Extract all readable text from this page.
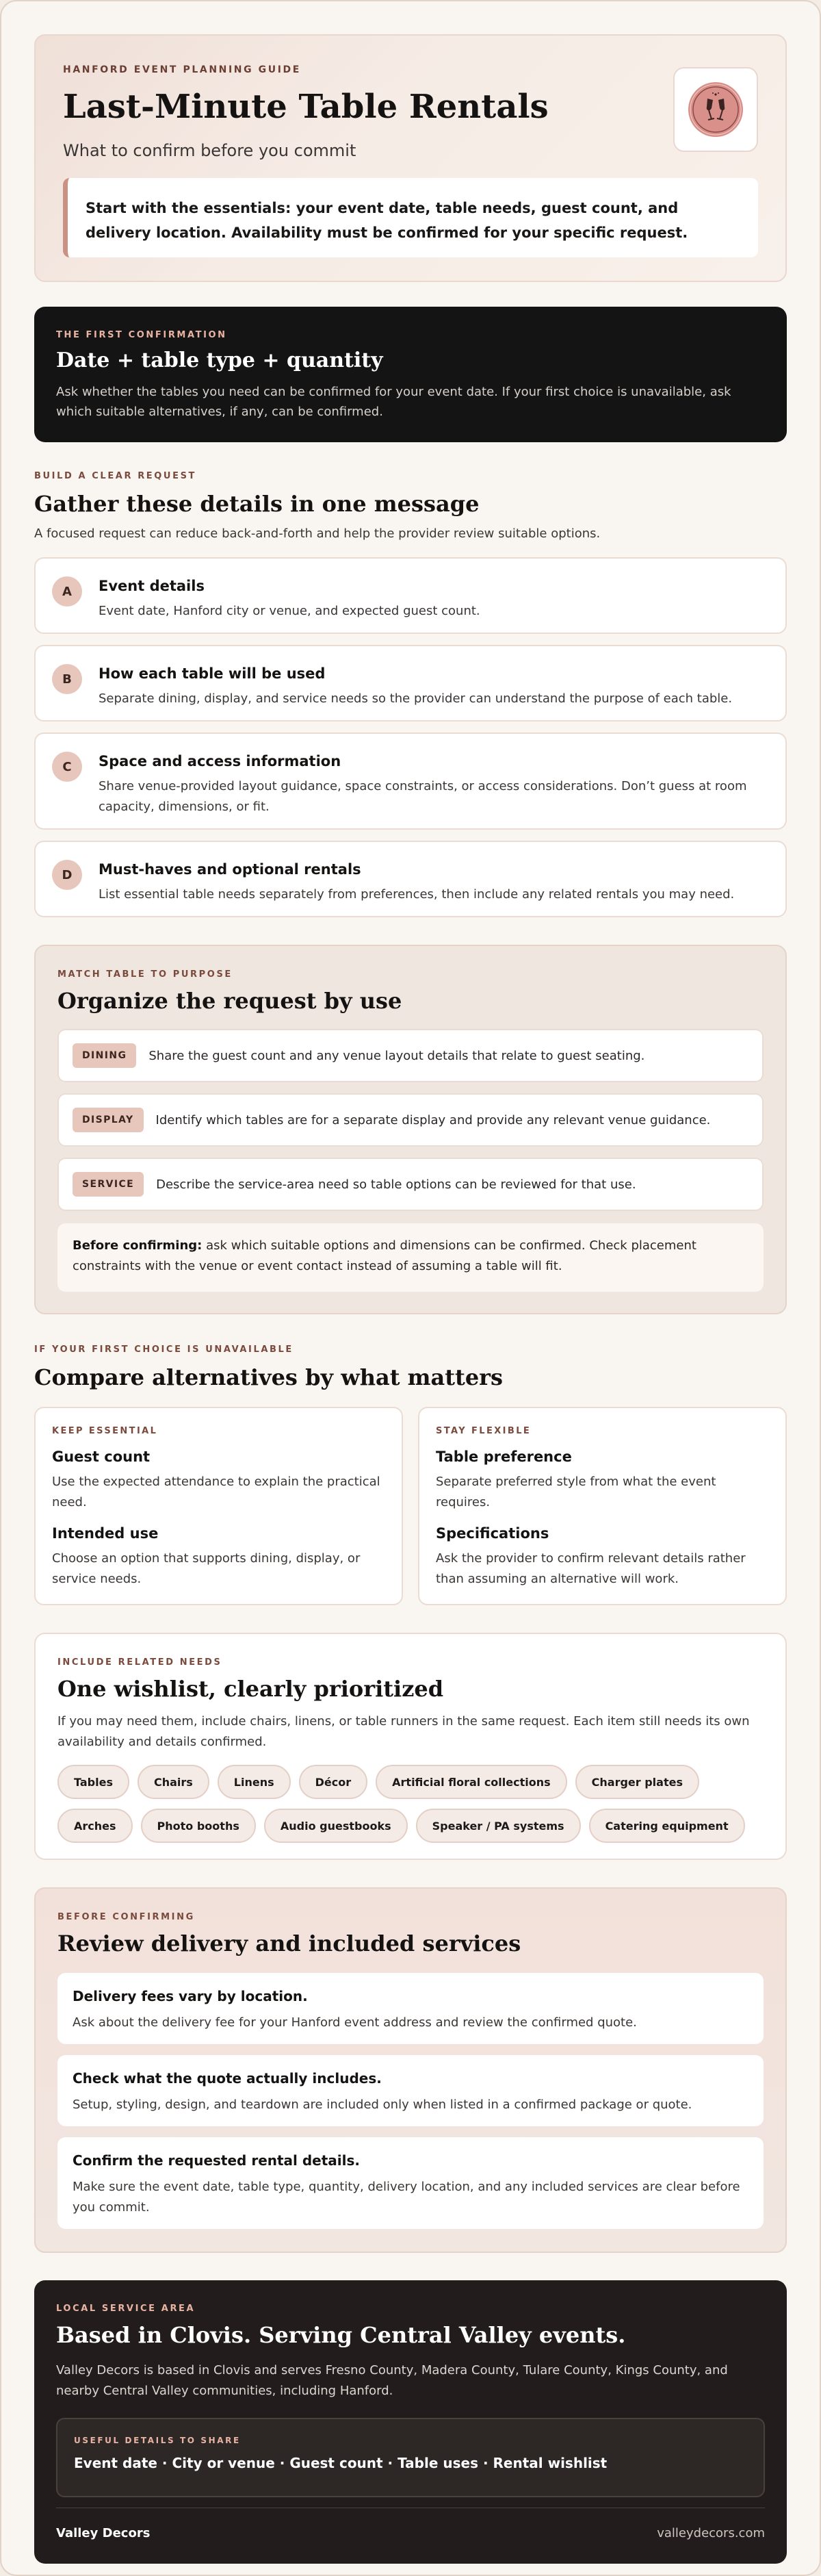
HANFORD EVENT PLANNING GUIDE
Last-Minute Table Rentals
What to confirm before you commit
Start with the essentials: your event date, table needs, guest count, and delivery location. Availability must be confirmed for your specific request.
THE FIRST CONFIRMATION
Date + table type + quantity

Ask whether the tables you need can be confirmed for your event date. If your first choice is unavailable, ask which suitable alternatives, if any, can be confirmed.

BUILD A CLEAR REQUEST
Gather these details in one message

A focused request can reduce back-and-forth and help the provider review suitable options.

A	Event details
Event date, Hanford city or venue, and expected guest count.
B	How each table will be used
Separate dining, display, and service needs so the provider can understand the purpose of each table.
C	Space and access information
Share venue-provided layout guidance, space constraints, or access considerations. Don’t guess at room capacity, dimensions, or fit.
D	Must-haves and optional rentals
List essential table needs separately from preferences, then include any related rentals you may need.
MATCH TABLE TO PURPOSE
Organize the request by use
DINING	Share the guest count and any venue layout details that relate to guest seating.
DISPLAY	Identify which tables are for a separate display and provide any relevant venue guidance.
SERVICE	Describe the service-area need so table options can be reviewed for that use.
Before confirming: ask which suitable options and dimensions can be confirmed. Check placement constraints with the venue or event contact instead of assuming a table will fit.
IF YOUR FIRST CHOICE IS UNAVAILABLE
Compare alternatives by what matters
KEEP ESSENTIAL
Guest count
Use the expected attendance to explain the practical need.
Intended use
Choose an option that supports dining, display, or service needs.
STAY FLEXIBLE
Table preference
Separate preferred style from what the event requires.
Specifications
Ask the provider to confirm relevant details rather than assuming an alternative will work.
INCLUDE RELATED NEEDS
One wishlist, clearly prioritized

If you may need them, include chairs, linens, or table runners in the same request. Each item still needs its own availability and details confirmed.

Tables	Chairs	Linens	Décor	Artificial floral collections	Charger plates
Arches	Photo booths	Audio guestbooks	Speaker / PA systems	Catering equipment
BEFORE CONFIRMING
Review delivery and included services
Delivery fees vary by location.
Ask about the delivery fee for your Hanford event address and review the confirmed quote.
Check what the quote actually includes.
Setup, styling, design, and teardown are included only when listed in a confirmed package or quote.
Confirm the requested rental details.
Make sure the event date, table type, quantity, delivery location, and any included services are clear before you commit.
LOCAL SERVICE AREA
Based in Clovis. Serving Central Valley events.

Valley Decors is based in Clovis and serves Fresno County, Madera County, Tulare County, Kings County, and nearby Central Valley communities, including Hanford.

USEFUL DETAILS TO SHARE
Event date · City or venue · Guest count · Table uses · Rental wishlist
Valley Decors	valleydecors.com
